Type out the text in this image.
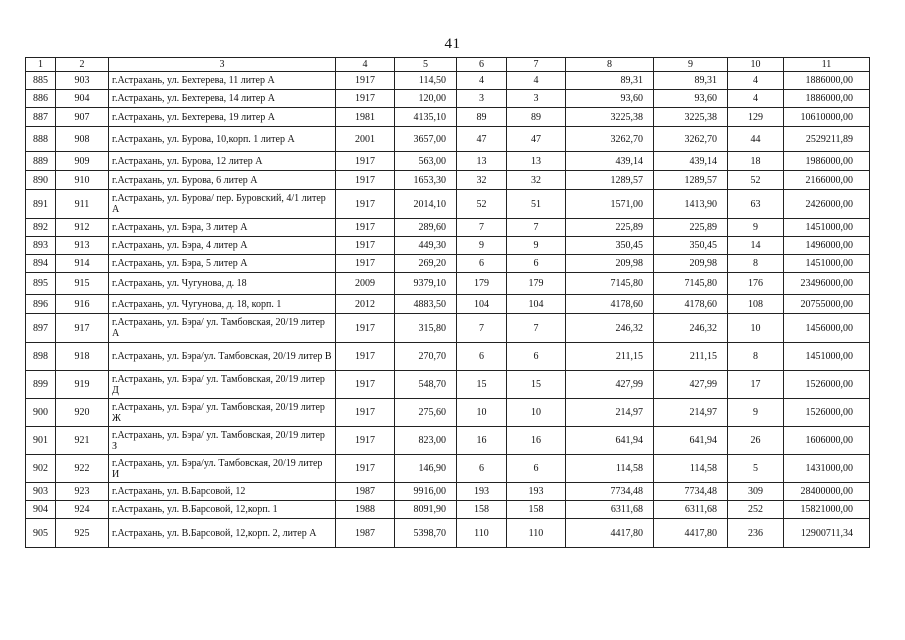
41
1	2	3	4	5	6	7	8	9	10	11
885	903	г.Астрахань, ул. Бехтерева, 11 литер А	1917	114,50	4	4	89,31	89,31	4	1886000,00
886	904	г.Астрахань, ул. Бехтерева, 14 литер А	1917	120,00	3	3	93,60	93,60	4	1886000,00
887	907	г.Астрахань, ул. Бехтерева, 19 литер А	1981	4135,10	89	89	3225,38	3225,38	129	10610000,00
888	908	г.Астрахань, ул. Бурова, 10,корп. 1 литер А	2001	3657,00	47	47	3262,70	3262,70	44	2529211,89
889	909	г.Астрахань, ул. Бурова, 12 литер А	1917	563,00	13	13	439,14	439,14	18	1986000,00
890	910	г.Астрахань, ул. Бурова, 6 литер А	1917	1653,30	32	32	1289,57	1289,57	52	2166000,00
891	911	г.Астрахань, ул. Бурова/ пер. Буровский, 4/1 литер А	1917	2014,10	52	51	1571,00	1413,90	63	2426000,00
892	912	г.Астрахань, ул. Бэра, 3 литер А	1917	289,60	7	7	225,89	225,89	9	1451000,00
893	913	г.Астрахань, ул. Бэра, 4 литер А	1917	449,30	9	9	350,45	350,45	14	1496000,00
894	914	г.Астрахань, ул. Бэра, 5 литер А	1917	269,20	6	6	209,98	209,98	8	1451000,00
895	915	г.Астрахань, ул. Чугунова, д. 18	2009	9379,10	179	179	7145,80	7145,80	176	23496000,00
896	916	г.Астрахань, ул. Чугунова, д. 18, корп. 1	2012	4883,50	104	104	4178,60	4178,60	108	20755000,00
897	917	г.Астрахань, ул. Бэра/ ул. Тамбовская, 20/19 литер А	1917	315,80	7	7	246,32	246,32	10	1456000,00
898	918	г.Астрахань, ул. Бэра/ул. Тамбовская, 20/19 литер В	1917	270,70	6	6	211,15	211,15	8	1451000,00
899	919	г.Астрахань, ул. Бэра/ ул. Тамбовская, 20/19 литер Д	1917	548,70	15	15	427,99	427,99	17	1526000,00
900	920	г.Астрахань, ул. Бэра/ ул. Тамбовская, 20/19 литер Ж	1917	275,60	10	10	214,97	214,97	9	1526000,00
901	921	г.Астрахань, ул. Бэра/ ул. Тамбовская, 20/19 литер З	1917	823,00	16	16	641,94	641,94	26	1606000,00
902	922	г.Астрахань, ул. Бэра/ул. Тамбовская, 20/19 литер И	1917	146,90	6	6	114,58	114,58	5	1431000,00
903	923	г.Астрахань, ул. В.Барсовой, 12	1987	9916,00	193	193	7734,48	7734,48	309	28400000,00
904	924	г.Астрахань, ул. В.Барсовой, 12,корп. 1	1988	8091,90	158	158	6311,68	6311,68	252	15821000,00
905	925	г.Астрахань, ул. В.Барсовой, 12,корп. 2, литер А	1987	5398,70	110	110	4417,80	4417,80	236	12900711,34
